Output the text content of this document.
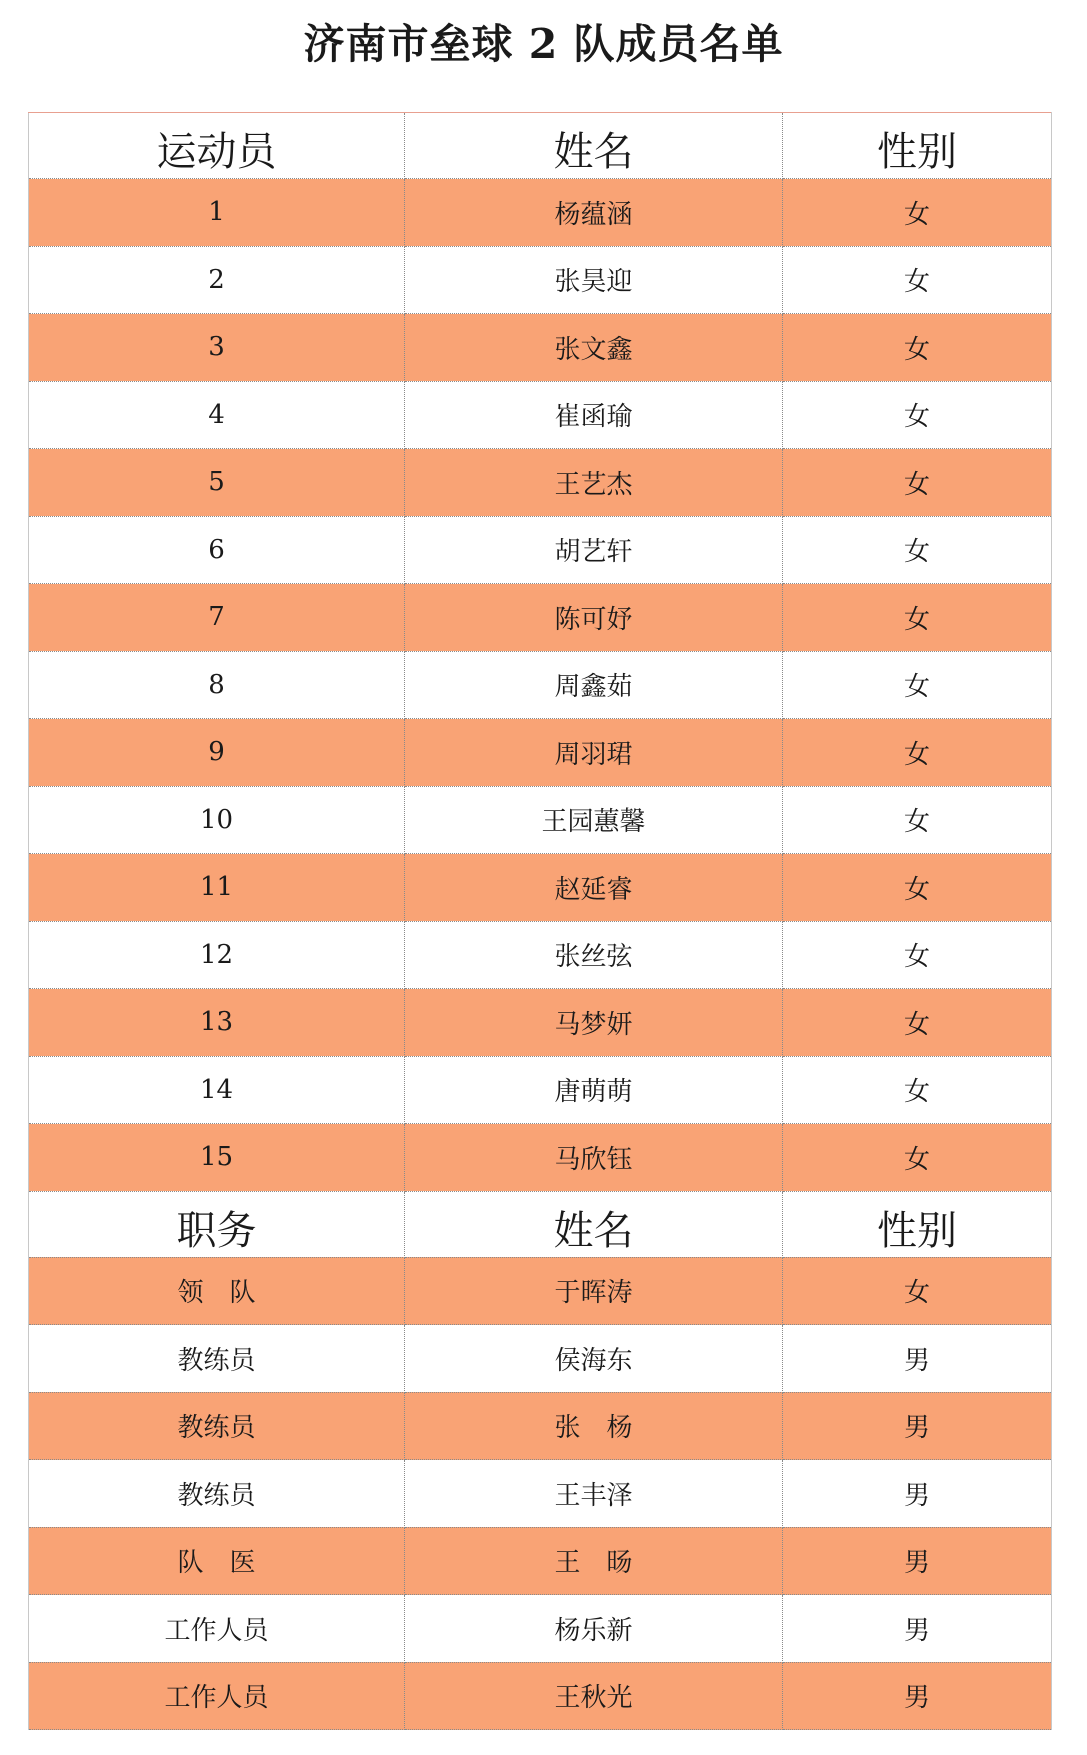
济南市垒球 2 队成员名单
运动员	姓名	性别
1	杨蕴涵	女
2	张昊迎	女
3	张文鑫	女
4	崔函瑜	女
5	王艺杰	女
6	胡艺轩	女
7	陈可妤	女
8	周鑫茹	女
9	周羽珺	女
10	王园蕙馨	女
11	赵延睿	女
12	张丝弦	女
13	马梦妍	女
14	唐萌萌	女
15	马欣钰	女
职务	姓名	性别
领　队	于晖涛	女
教练员	侯海东	男
教练员	张　杨	男
教练员	王丰泽	男
队　医	王　旸	男
工作人员	杨乐新	男
工作人员	王秋光	男
